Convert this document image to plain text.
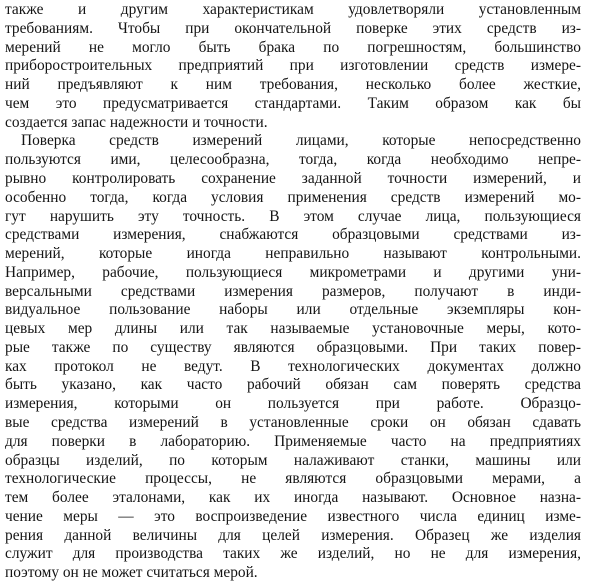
также и другим характеристикам удовлетворяли установленным
требованиям. Чтобы при окончательной поверке этих средств из-
мерений не могло быть брака по погрешностям, большинство
приборостроительных предприятий при изготовлении средств измере-
ний предъявляют к ним требования, несколько более жесткие,
чем это предусматривается стандартами. Таким образом как бы
создается запас надежности и точности.
Поверка средств измерений лицами, которые непосредственно
пользуются ими, целесообразна, тогда, когда необходимо непре-
рывно контролировать сохранение заданной точности измерений, и
особенно тогда, когда условия применения средств измерений мо-
гут нарушить эту точность. В этом случае лица, пользующиеся
средствами измерения, снабжаются образцовыми средствами из-
мерений, которые иногда неправильно называют контрольными.
Например, рабочие, пользующиеся микрометрами и другими уни-
версальными средствами измерения размеров, получают в инди-
видуальное пользование наборы или отдельные экземпляры кон-
цевых мер длины или так называемые установочные меры, кото-
рые также по существу являются образцовыми. При таких повер-
ках протокол не ведут. В технологических документах должно
быть указано, как часто рабочий обязан сам поверять средства
измерения, которыми он пользуется при работе. Образцо-
вые средства измерений в установленные сроки он обязан сдавать
для поверки в лабораторию. Применяемые часто на предприятиях
образцы изделий, по которым налаживают станки, машины или
технологические процессы, не являются образцовыми мерами, а
тем более эталонами, как их иногда называют. Основное назна-
чение меры — это воспроизведение известного числа единиц изме-
рения данной величины для целей измерения. Образец же изделия
служит для производства таких же изделий, но не для измерения,
поэтому он не может считаться мерой.
